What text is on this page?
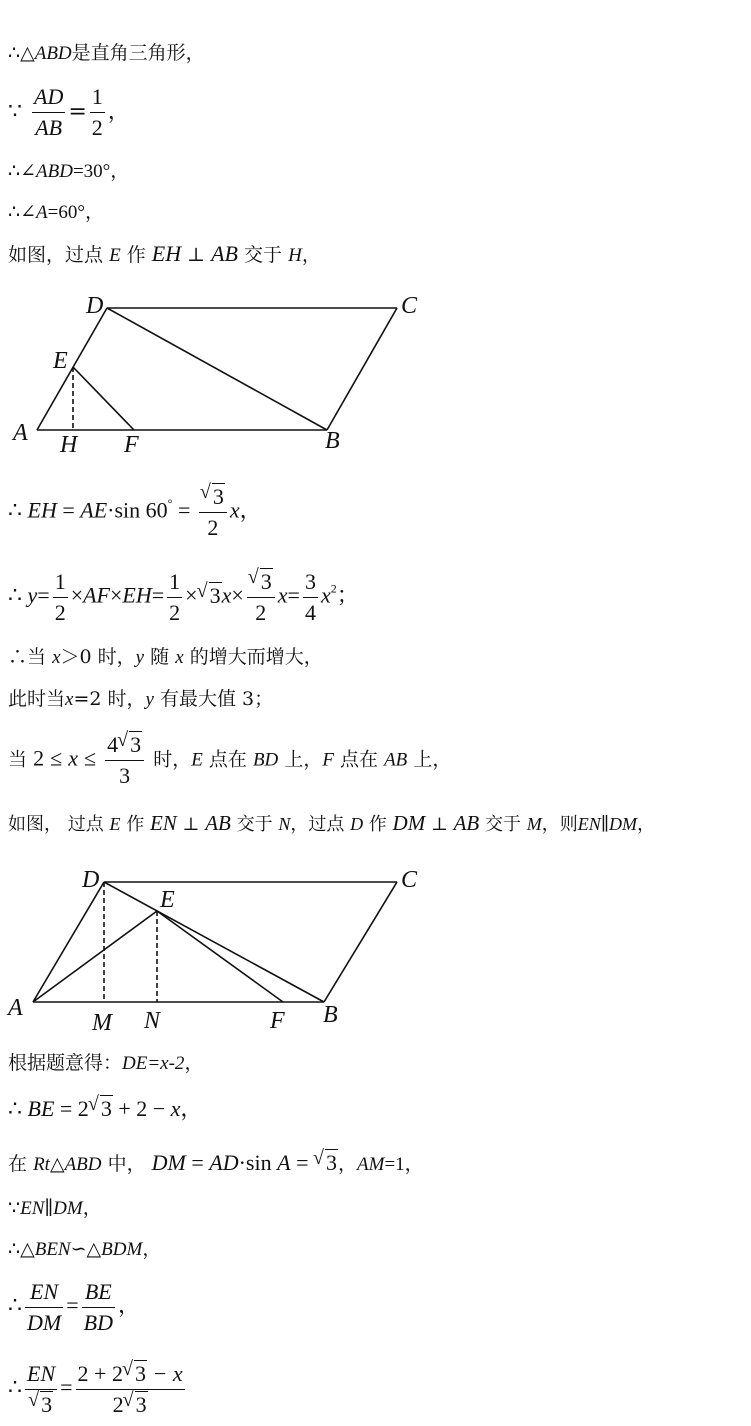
∴△ABD是直角三角形，
∵ $\frac{AD}{AB} = \frac{1}{2}$ ，
∴∠ABD=30°，
∴∠A=60°，
如图，过点 E 作 EH ⊥ AB 交于 H，
D	C
E
A H F	B
∴ EH = AE·sin 60° = √ $\frac{3}{2}$ x，
∴ $y= \frac{1}{2} \times AF\times EH= \frac{1}{2}$ × √ 3x× √ $\frac{3}{2} x= \frac{3}{4} x^2$；
∴当 x＞0 时，y 随 x 的增大而增大，
此时当x=2 时，y 有最大值 3；
当 $2 \le x \le \frac{4 √ 3}{3}$ 时，E 点在 BD 上，F 点在 AB 上，
如图， 过点 E 作 EN ⊥ AB 交于 N，过点 D 作 DM ⊥ AB 交于 M，则EN∥DM，
D	C
E
A
M N	F B
根据题意得：DE=x-2，
∴ BE = 2 √ 3 + 2 − x，
在 Rt△ABD 中， DM = AD·sin A = √ 3，AM=1，
∵EN∥DM，
∴△BEN∽△BDM，
∴ $\frac{EN}{DM} = \frac{BE}{BD}$ ，
∴ EN
√ $3 = \frac{2 + 2 √ 3 - x}{2 √ 3}$
